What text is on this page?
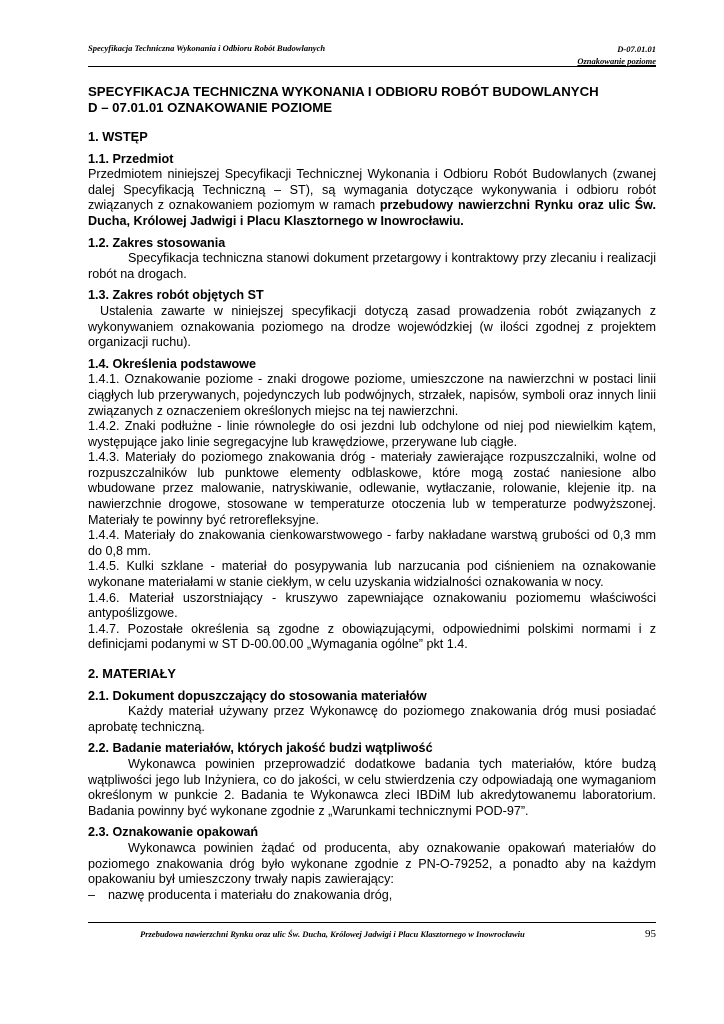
Specyfikacja Techniczna Wykonania i Odbioru Robót Budowlanych	D-07.01.01
Oznakowanie poziome
SPECYFIKACJA TECHNICZNA WYKONANIA I ODBIORU ROBÓT BUDOWLANYCH
D – 07.01.01 OZNAKOWANIE POZIOME
1. WSTĘP
1.1. Przedmiot

Przedmiotem niniejszej Specyfikacji Technicznej Wykonania i Odbioru Robót Budowlanych (zwanej dalej Specyfikacją Techniczną – ST), są wymagania dotyczące wykonywania i odbioru robót związanych z oznakowaniem poziomym w ramach przebudowy nawierzchni Rynku oraz ulic Św. Ducha, Królowej Jadwigi i Placu Klasztornego w Inowrocławiu.

1.2. Zakres stosowania

Specyfikacja techniczna stanowi dokument przetargowy i kontraktowy przy zlecaniu i realizacji robót na drogach.

1.3. Zakres robót objętych ST

Ustalenia zawarte w niniejszej specyfikacji dotyczą zasad prowadzenia robót związanych z wykonywaniem oznakowania poziomego na drodze wojewódzkiej (w ilości zgodnej z projektem organizacji ruchu).

1.4. Określenia podstawowe

1.4.1. Oznakowanie poziome - znaki drogowe poziome, umieszczone na nawierzchni w postaci linii ciągłych lub przerywanych, pojedynczych lub podwójnych, strzałek, napisów, symboli oraz innych linii związanych z oznaczeniem określonych miejsc na tej nawierzchni.

1.4.2. Znaki podłużne - linie równoległe do osi jezdni lub odchylone od niej pod niewielkim kątem, występujące jako linie segregacyjne lub krawędziowe, przerywane lub ciągłe.

1.4.3. Materiały do poziomego znakowania dróg - materiały zawierające rozpuszczalniki, wolne od rozpuszczalników lub punktowe elementy odblaskowe, które mogą zostać naniesione albo wbudowane przez malowanie, natryskiwanie, odlewanie, wytłaczanie, rolowanie, klejenie itp. na nawierzchnie drogowe, stosowane w temperaturze otoczenia lub w temperaturze podwyższonej. Materiały te powinny być retrorefleksyjne.

1.4.4. Materiały do znakowania cienkowarstwowego - farby nakładane warstwą grubości od 0,3 mm do 0,8 mm.

1.4.5. Kulki szklane - materiał do posypywania lub narzucania pod ciśnieniem na oznakowanie wykonane materiałami w stanie ciekłym, w celu uzyskania widzialności oznakowania w nocy.

1.4.6. Materiał uszorstniający - kruszywo zapewniające oznakowaniu poziomemu właściwości antypoślizgowe.

1.4.7. Pozostałe określenia są zgodne z obowiązującymi, odpowiednimi polskimi normami i z definicjami podanymi w ST D-00.00.00 „Wymagania ogólne” pkt 1.4.

2. MATERIAŁY
2.1. Dokument dopuszczający do stosowania materiałów

Każdy materiał używany przez Wykonawcę do poziomego znakowania dróg musi posiadać aprobatę techniczną.

2.2. Badanie materiałów, których jakość budzi wątpliwość

Wykonawca powinien przeprowadzić dodatkowe badania tych materiałów, które budzą wątpliwości jego lub Inżyniera, co do jakości, w celu stwierdzenia czy odpowiadają one wymaganiom określonym w punkcie 2. Badania te Wykonawca zleci IBDiM lub akredytowanemu laboratorium. Badania powinny być wykonane zgodnie z „Warunkami technicznymi POD-97”.

2.3. Oznakowanie opakowań

Wykonawca powinien żądać od producenta, aby oznakowanie opakowań materiałów do poziomego znakowania dróg było wykonane zgodnie z PN-O-79252, a ponadto aby na każdym opakowaniu był umieszczony trwały napis zawierający:

– nazwę producenta i materiału do znakowania dróg,
Przebudowa nawierzchni Rynku oraz ulic Św. Ducha, Królowej Jadwigi i Placu Klasztornego w Inowrocławiu	95
